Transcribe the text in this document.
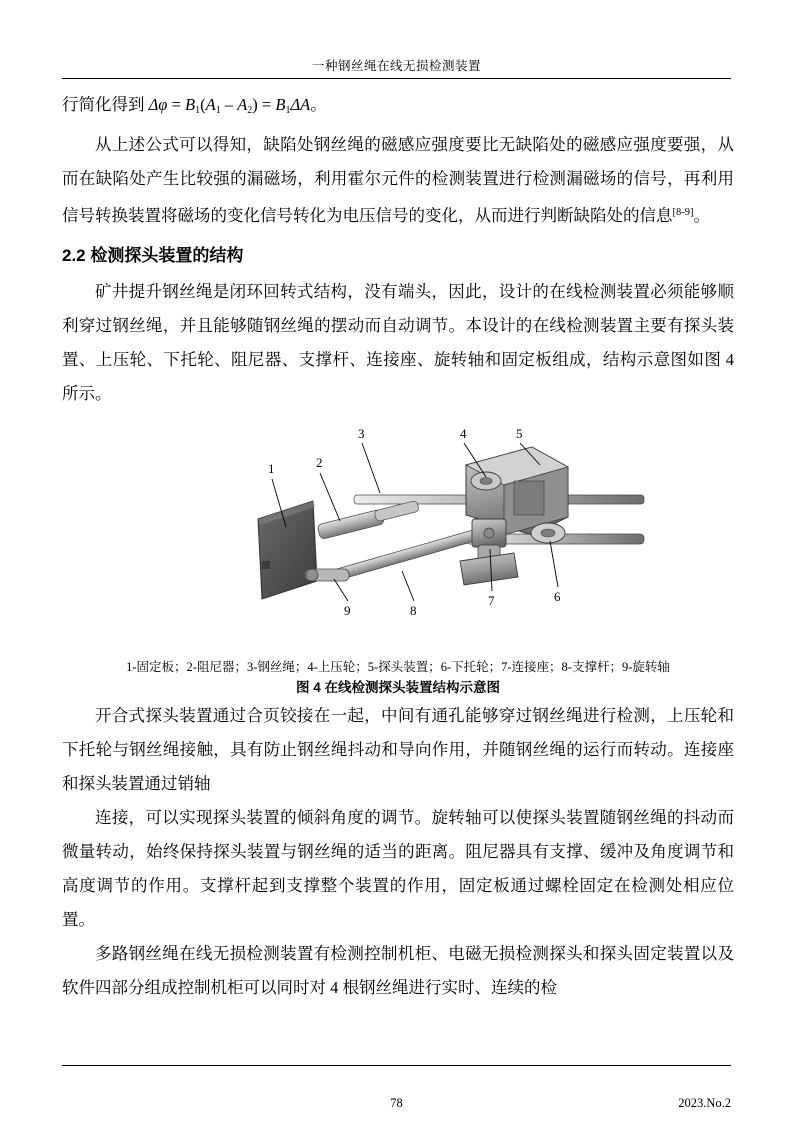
一种钢丝绳在线无损检测装置
行简化得到 $\Delta\varphi = B_1(A_1 - A_2) = B_1\Delta A$。

从上述公式可以得知，缺陷处钢丝绳的磁感应强度要比无缺陷处的磁感应强度要强，从而在缺陷处产生比较强的漏磁场，利用霍尔元件的检测装置进行检测漏磁场的信号，再利用信号转换装置将磁场的变化信号转化为电压信号的变化，从而进行判断缺陷处的信息[8-9]。

2.2 检测探头装置的结构

矿井提升钢丝绳是闭环回转式结构，没有端头，因此，设计的在线检测装置必须能够顺利穿过钢丝绳，并且能够随钢丝绳的摆动而自动调节。本设计的在线检测装置主要有探头装置、上压轮、下托轮、阻尼器、支撑杆、连接座、旋转轴和固定板组成，结构示意图如图 4 所示。

1	2
3	4	5
6
7
8
9
1-固定板；2-阻尼器；3-钢丝绳；4-上压轮；5-探头装置；6-下托轮；7-连接座；8-支撑杆；9-旋转轴
图 4 在线检测探头装置结构示意图

开合式探头装置通过合页铰接在一起，中间有通孔能够穿过钢丝绳进行检测，上压轮和下托轮与钢丝绳接触，具有防止钢丝绳抖动和导向作用，并随钢丝绳的运行而转动。连接座和探头装置通过销轴

连接，可以实现探头装置的倾斜角度的调节。旋转轴可以使探头装置随钢丝绳的抖动而微量转动，始终保持探头装置与钢丝绳的适当的距离。阻尼器具有支撑、缓冲及角度调节和高度调节的作用。支撑杆起到支撑整个装置的作用，固定板通过螺栓固定在检测处相应位置。

多路钢丝绳在线无损检测装置有检测控制机柜、电磁无损检测探头和探头固定装置以及软件四部分组成控制机柜可以同时对 4 根钢丝绳进行实时、连续的检

78	2023.No.2
